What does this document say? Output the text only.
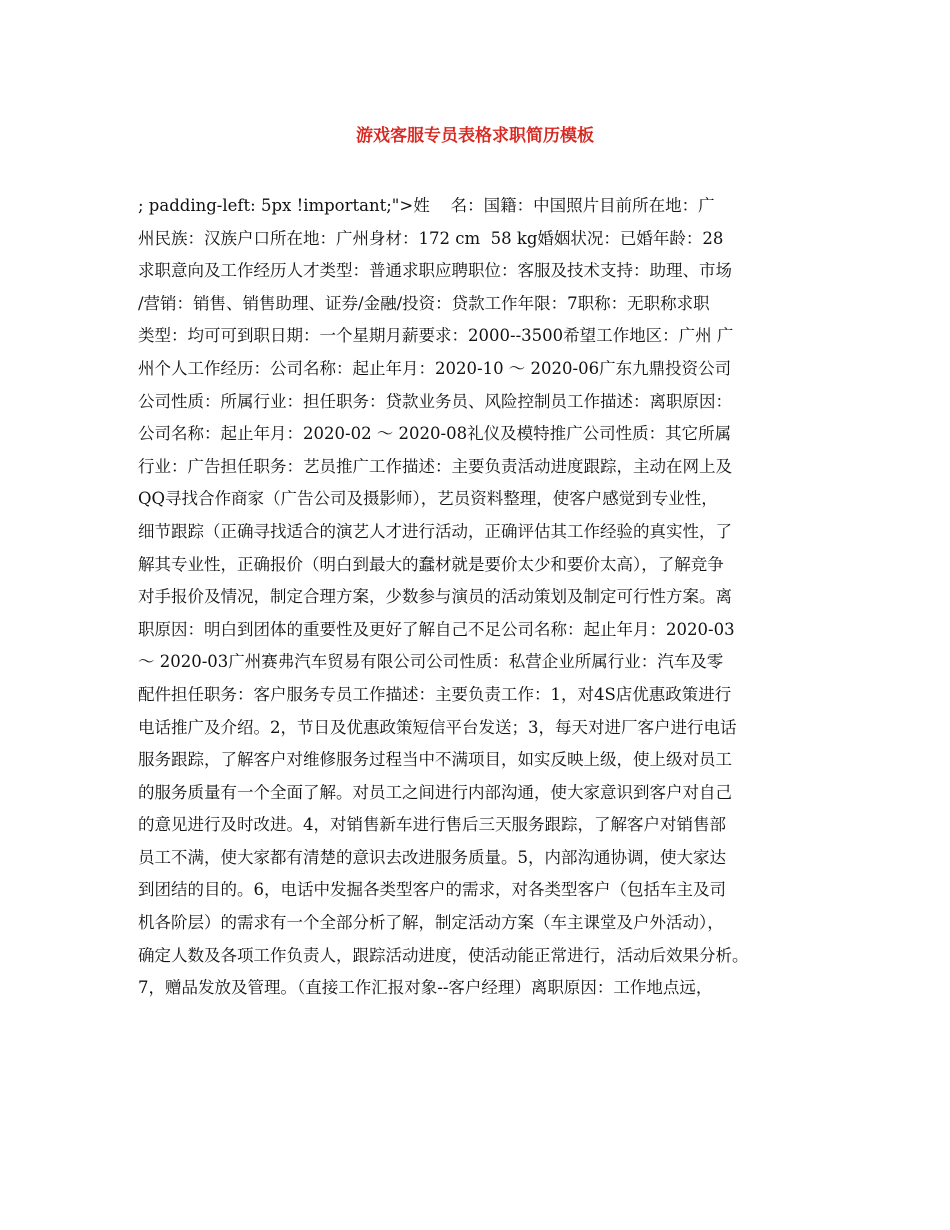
游戏客服专员表格求职简历模板
; padding-left: 5px !important;">姓    名：国籍：中国照片目前所在地：广
州民族：汉族户口所在地：广州身材：172 cm  58 kg婚姻状况：已婚年龄：28
求职意向及工作经历人才类型：普通求职应聘职位：客服及技术支持：助理、市场
/营销：销售、销售助理、证券/金融/投资：贷款工作年限：7职称：无职称求职
类型：均可可到职日期：一个星期月薪要求：2000--3500希望工作地区：广州 广
州个人工作经历：公司名称：起止年月：2020-10 ～ 2020-06广东九鼎投资公司
公司性质：所属行业：担任职务：贷款业务员、风险控制员工作描述：离职原因：
公司名称：起止年月：2020-02 ～ 2020-08礼仪及模特推广公司性质：其它所属
行业：广告担任职务：艺员推广工作描述：主要负责活动进度跟踪，主动在网上及
QQ寻找合作商家（广告公司及摄影师），艺员资料整理，使客户感觉到专业性，
细节跟踪（正确寻找适合的演艺人才进行活动，正确评估其工作经验的真实性，了
解其专业性，正确报价（明白到最大的蠢材就是要价太少和要价太高），了解竞争
对手报价及情况，制定合理方案，少数参与演员的活动策划及制定可行性方案。离
职原因：明白到团体的重要性及更好了解自己不足公司名称：起止年月：2020-03
～ 2020-03广州赛弗汽车贸易有限公司公司性质：私营企业所属行业：汽车及零
配件担任职务：客户服务专员工作描述：主要负责工作：1，对4S店优惠政策进行
电话推广及介绍。2，节日及优惠政策短信平台发送；3，每天对进厂客户进行电话
服务跟踪，了解客户对维修服务过程当中不满项目，如实反映上级，使上级对员工
的服务质量有一个全面了解。对员工之间进行内部沟通，使大家意识到客户对自己
的意见进行及时改进。4，对销售新车进行售后三天服务跟踪，了解客户对销售部
员工不满，使大家都有清楚的意识去改进服务质量。5，内部沟通协调，使大家达
到团结的目的。6，电话中发掘各类型客户的需求，对各类型客户（包括车主及司
机各阶层）的需求有一个全部分析了解，制定活动方案（车主课堂及户外活动），
确定人数及各项工作负责人，跟踪活动进度，使活动能正常进行，活动后效果分析。
7，赠品发放及管理。（直接工作汇报对象--客户经理）离职原因：工作地点远，
